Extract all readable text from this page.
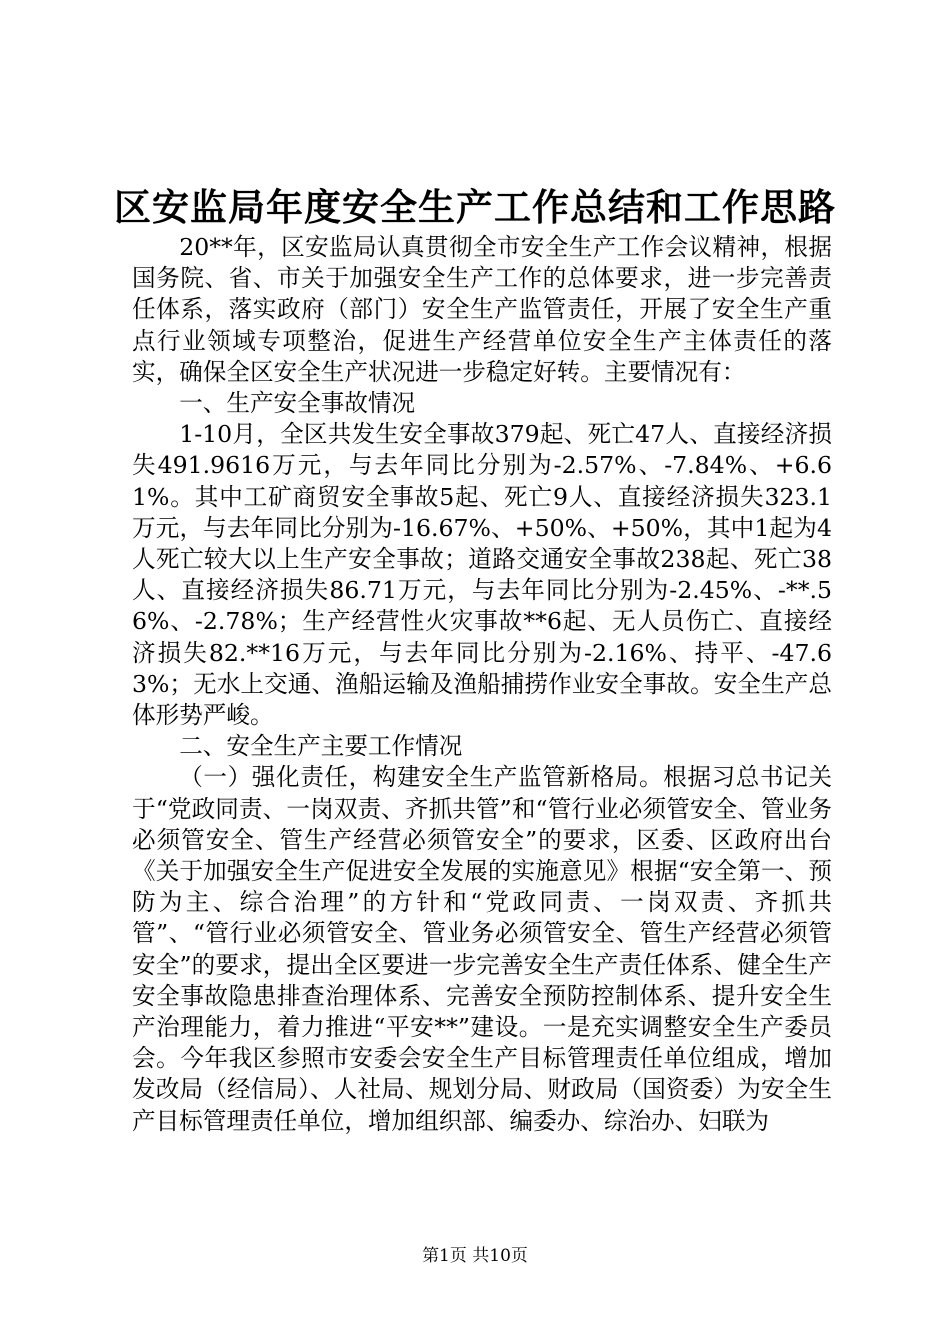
区安监局年度安全生产工作总结和工作思路

20**年，区安监局认真贯彻全市安全生产工作会议精神，根据国务院、省、市关于加强安全生产工作的总体要求，进一步完善责任体系，落实政府（部门）安全生产监管责任，开展了安全生产重点行业领域专项整治，促进生产经营单位安全生产主体责任的落实，确保全区安全生产状况进一步稳定好转。主要情况有：

一、生产安全事故情况

1-10月，全区共发生安全事故379起、死亡47人、直接经济损失491.9616万元，与去年同比分别为-2.57%、-7.84%、+6.61%。其中工矿商贸安全事故5起、死亡9人、直接经济损失323.1万元，与去年同比分别为-16.67%、+50%、+50%，其中1起为4人死亡较大以上生产安全事故；道路交通安全事故238起、死亡38人、直接经济损失86.71万元，与去年同比分别为-2.45%、-**.56%、-2.78%；生产经营性火灾事故**6起、无人员伤亡、直接经济损失82.**16万元，与去年同比分别为-2.16%、持平、-47.63%；无水上交通、渔船运输及渔船捕捞作业安全事故。安全生产总体形势严峻。

二、安全生产主要工作情况

（一）强化责任，构建安全生产监管新格局。根据习总书记关于“党政同责、一岗双责、齐抓共管”和“管行业必须管安全、管业务必须管安全、管生产经营必须管安全”的要求，区委、区政府出台《关于加强安全生产促进安全发展的实施意见》根据“安全第一、预防为主、综合治理”的方针和“党政同责、一岗双责、齐抓共管”、“管行业必须管安全、管业务必须管安全、管生产经营必须管安全”的要求，提出全区要进一步完善安全生产责任体系、健全生产安全事故隐患排查治理体系、完善安全预防控制体系、提升安全生产治理能力，着力推进“平安**”建设。一是充实调整安全生产委员会。今年我区参照市安委会安全生产目标管理责任单位组成，增加发改局（经信局）、人社局、规划分局、财政局（国资委）为安全生产目标管理责任单位，增加组织部、编委办、综治办、妇联为

第1页 共10页
